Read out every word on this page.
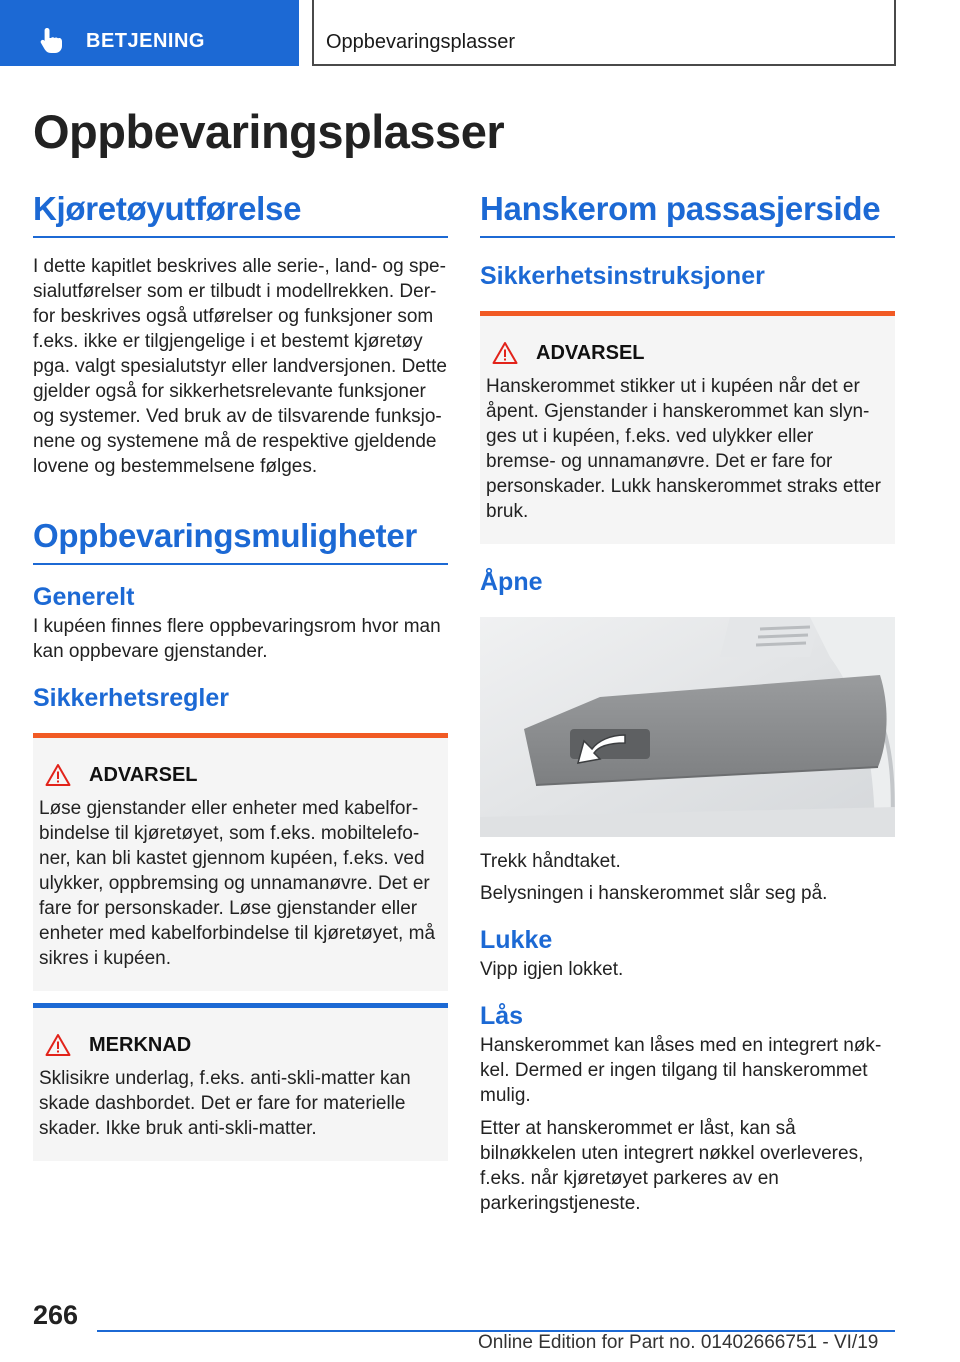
BETJENING	Oppbevaringsplasser
Oppbevaringsplasser
Kjøretøyutførelse

I dette kapitlet beskrives alle serie-, land- og spesialutførelser som er tilbudt i modellrekken. Derfor beskrives også utførelser og funksjoner som f.eks. ikke er tilgjengelige i et bestemt kjøretøy pga. valgt spesialutstyr eller landversjonen. Dette gjelder også for sikkerhetsrelevante funksjoner og systemer. Ved bruk av de tilsvarende funksjonene og systemene må de respektive gjeldende lovene og bestemmelsene følges.

Oppbevaringsmuligheter
Generelt

I kupéen finnes flere oppbevaringsrom hvor man kan oppbevare gjenstander.

Sikkerhetsregler
ADVARSEL

Løse gjenstander eller enheter med kabelforbindelse til kjøretøyet, som f.eks. mobiltelefoner, kan bli kastet gjennom kupéen, f.eks. ved ulykker, oppbremsing og unnamanøvre. Det er fare for personskader. Løse gjenstander eller enheter med kabelforbindelse til kjøretøyet, må sikres i kupéen.

MERKNAD

Sklisikre underlag, f.eks. anti-skli-matter kan skade dashbordet. Det er fare for materielle skader. Ikke bruk anti-skli-matter.

Hanskerom passasjerside
Sikkerhetsinstruksjoner
ADVARSEL

Hanskerommet stikker ut i kupéen når det er åpent. Gjenstander i hanskerommet kan slynges ut i kupéen, f.eks. ved ulykker eller bremse- og unnamanøvre. Det er fare for personskader. Lukk hanskerommet straks etter bruk.

Åpne

Trekk håndtaket.

Belysningen i hanskerommet slår seg på.

Lukke

Vipp igjen lokket.

Lås

Hanskerommet kan låses med en integrert nøkkel. Dermed er ingen tilgang til hanskerommet mulig.

Etter at hanskerommet er låst, kan så bilnøkkelen uten integrert nøkkel overleveres, f.eks. når kjøretøyet parkeres av en parkeringstjeneste.

266
Online Edition for Part no. 01402666751 - VI/19
